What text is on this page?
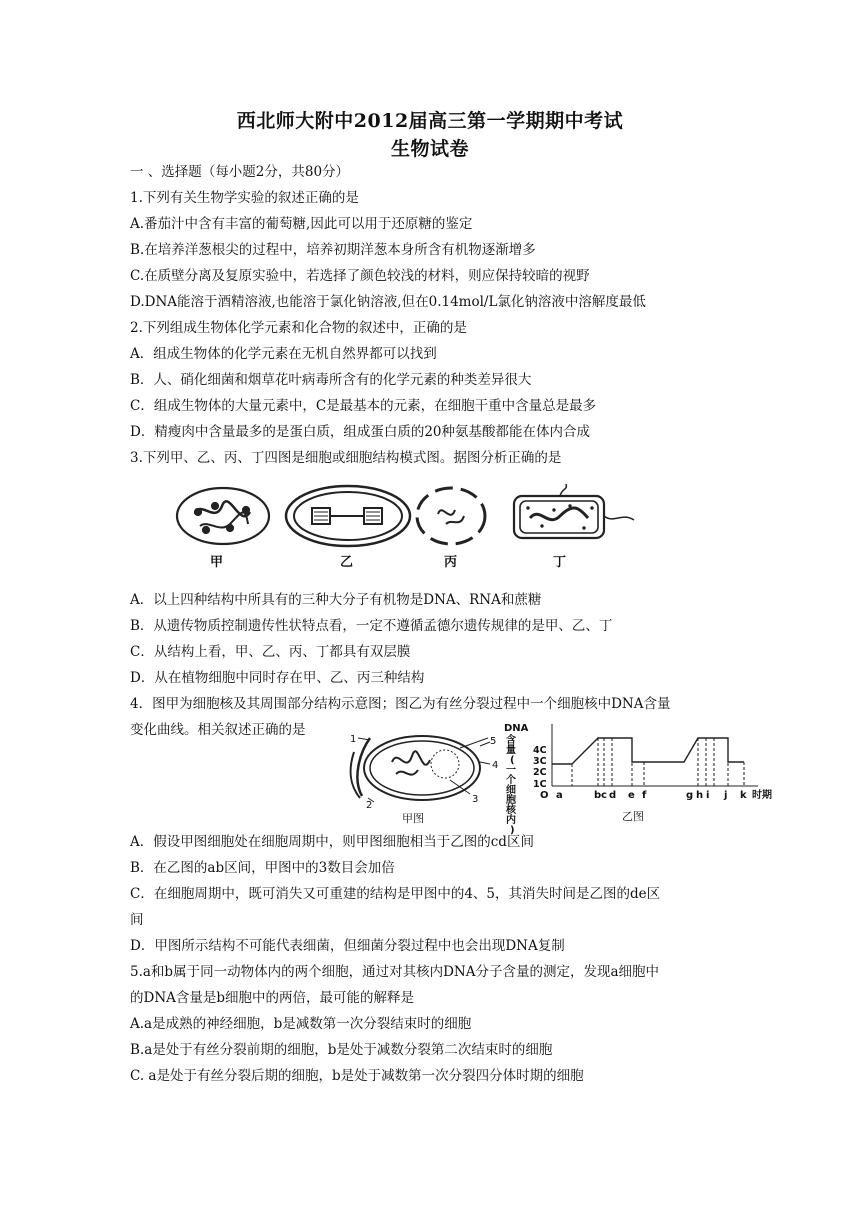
西北师大附中2012届高三第一学期期中考试
生物试卷
一 、选择题（每小题2分，共80分）
1.下列有关生物学实验的叙述正确的是
A.番茄汁中含有丰富的葡萄糖,因此可以用于还原糖的鉴定
B.在培养洋葱根尖的过程中，培养初期洋葱本身所含有机物逐渐增多
C.在质壁分离及复原实验中，若选择了颜色较浅的材料，则应保持较暗的视野
D.DNA能溶于酒精溶液,也能溶于氯化钠溶液,但在0.14mol/L氯化钠溶液中溶解度最低
2.下列组成生物体化学元素和化合物的叙述中，正确的是
A．组成生物体的化学元素在无机自然界都可以找到
B．人、硝化细菌和烟草花叶病毒所含有的化学元素的种类差异很大
C．组成生物体的大量元素中，C是最基本的元素，在细胞干重中含量总是最多
D．精瘦肉中含量最多的是蛋白质，组成蛋白质的20种氨基酸都能在体内合成
3.下列甲、乙、丙、丁四图是细胞或细胞结构模式图。据图分析正确的是
甲	乙	丙	丁
A．以上四种结构中所具有的三种大分子有机物是DNA、RNA和蔗糖
B．从遗传物质控制遗传性状特点看，一定不遵循孟德尔遗传规律的是甲、乙、丁
C．从结构上看，甲、乙、丙、丁都具有双层膜
D．从在植物细胞中同时存在甲、乙、丙三种结构
4．图甲为细胞核及其周围部分结构示意图；图乙为有丝分裂过程中一个细胞核中DNA含量
变化曲线。相关叙述正确的是
1
2
3
4
5
甲图
DNA
含量(一个细胞核内)
4C
3C
2C
1C
O a	b c d e f	g h i j k 时期
乙图
A．假设甲图细胞处在细胞周期中，则甲图细胞相当于乙图的cd区间
B．在乙图的ab区间，甲图中的3数目会加倍
C．在细胞周期中，既可消失又可重建的结构是甲图中的4、5，其消失时间是乙图的de区
间
D．甲图所示结构不可能代表细菌，但细菌分裂过程中也会出现DNA复制
5.a和b属于同一动物体内的两个细胞，通过对其核内DNA分子含量的测定，发现a细胞中
的DNA含量是b细胞中的两倍，最可能的解释是
A.a是成熟的神经细胞，b是减数第一次分裂结束时的细胞
B.a是处于有丝分裂前期的细胞，b是处于减数分裂第二次结束时的细胞
C. a是处于有丝分裂后期的细胞，b是处于减数第一次分裂四分体时期的细胞
